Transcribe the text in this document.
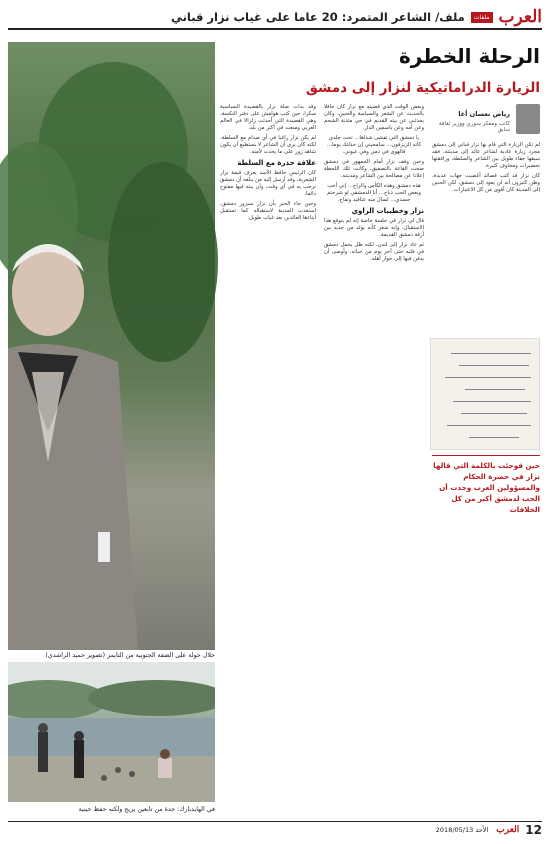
العرب
ملفات
ملف/ الشاعر المتمرد: 20 عاما على غياب نزار قباني
الرحلة الخطرة
الزيارة الدراماتيكية لنزار إلى دمشق
رياض نعسان أغا
كاتب ومفكر سوري ووزير ثقافة سابق

لم تكن الزيارة التي قام بها نزار قباني إلى دمشق مجرد زيارة عادية لشاعر عائد إلى مدينته، فقد سبقها جفاء طويل بين الشاعر والسلطة، ورافقتها تحضيرات ومخاوف كثيرة.

كان نزار قد كتب قصائد أغضبت جهات عديدة، وظن كثيرون أنه لن يعود إلى دمشق، لكن الحنين إلى المدينة كان أقوى من كل الاعتبارات.

حين فوجئت بالكلمة التي قالها نزار في حضرة الحكام والمسؤولين العرب وجدت أن الحب لدمشق أكبر من كل الخلافات

وبعض الوقت الذي قضيته مع نزار كان حافلا بالحديث عن الشعر والسياسة والحنين، وكان يحدثني عن بيته القديم في حي مئذنة الشحم وعن أمه وعن ياسمين الدار.

يا دمشق التي تفشى شذاها... تحت جلدي كأنه الزيزفون... سامحيني إن خذلتك يوما... فالهوى في دمي وفي عيوني.

وحين وقف نزار أمام الجمهور في دمشق ضجت القاعة بالتصفيق، وكانت تلك اللحظة إعلانا عن مصالحة بين الشاعر ومدينته.

هذه دمشق وهذه الكأس والراح... إني أحب وبعض الحب ذباح... أنا الدمشقي لو شرحتم جسدي... لسال منه عناقيد وتفاح.

نزار وخطيبات الراوي

قال لي نزار في جلسة خاصة إنه لم يتوقع هذا الاستقبال، وإنه شعر كأنه يولد من جديد بين أزقة دمشق القديمة.

ثم عاد نزار إلى لندن، لكنه ظل يحمل دمشق في قلبه حتى آخر يوم من حياته، وأوصى أن يدفن فيها إلى جوار أهله.

وقد بدأت صلة نزار بالقصيدة السياسية مبكرا، حين كتب هوامش على دفتر النكسة، وهي القصيدة التي أحدثت زلزالا في العالم العربي ومنعت في أكثر من بلد.

لم يكن نزار راغبا في أي صدام مع السلطة، لكنه كان يرى أن الشاعر لا يستطيع أن يكون شاهد زور على ما يحدث لأمته.

علاقة حذرة مع السلطة

كان الرئيس حافظ الأسد يعرف قيمة نزار الشعرية، وقد أرسل إليه من يبلغه أن دمشق ترحب به في أي وقت، وأن بيته فيها مفتوح دائما.

وحين جاء الخبر بأن نزار سيزور دمشق، استعدت المدينة لاستقباله كما تستقبل أبناءها العائدين بعد غياب طويل.

خلال جولة على الضفة الجنوبية من التايمز (تصوير حميد الراشدي)
في الهايدبارك: جدة من تابعين يريح ولكنه حفظ حينية
12
العرب
الأحد 2018/05/13
